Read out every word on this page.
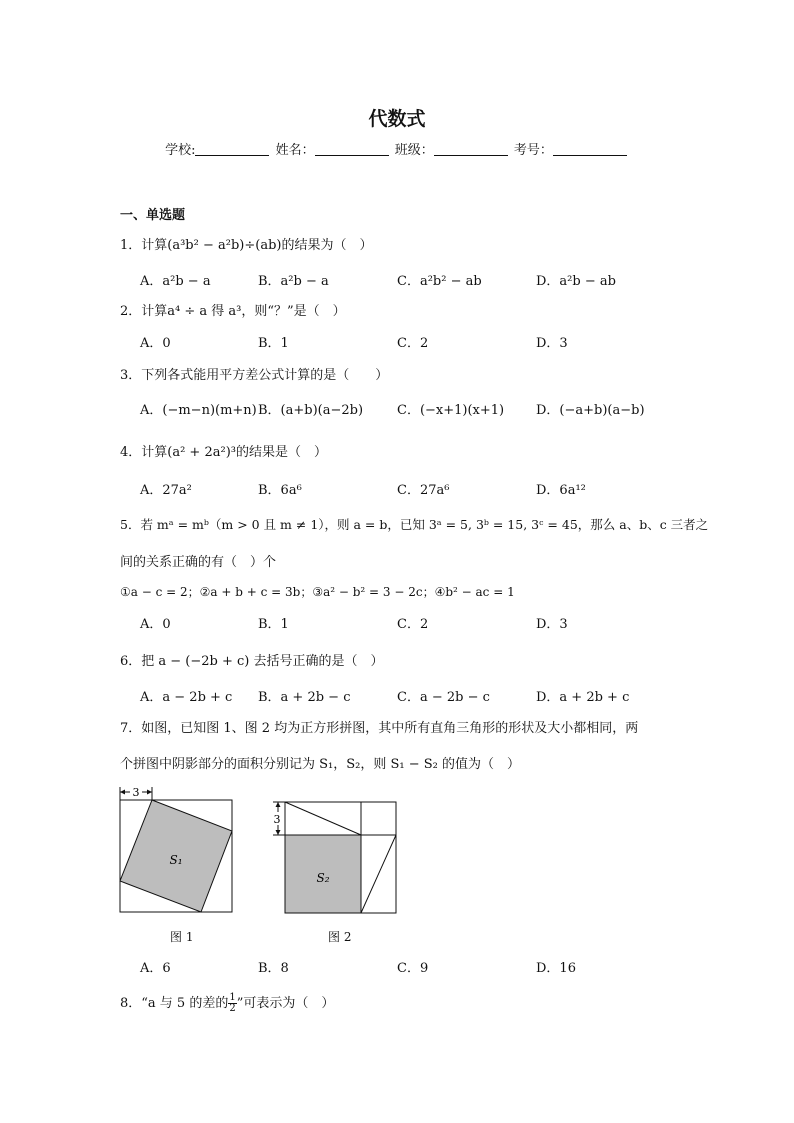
代数式
学校:	姓名：	班级：	考号：
一、单选题
1．计算(a³b² − a²b)÷(ab)的结果为（　）
A．a²b − a	B．a²b − a	C．a²b² − ab	D．a²b − ab
2．计算a⁴ ÷ a 得 a³，则“？”是（　）
A．0	B．1	C．2	D．3
3．下列各式能用平方差公式计算的是（　　）
A．(−m−n)(m+n) B．(a+b)(a−2b)	C．(−x+1)(x+1) D．(−a+b)(a−b)
4．计算(a² + 2a²)³的结果是（　）
A．27a²	B．6a⁶	C．27a⁶	D．6a¹²
5．若 mᵃ = mᵇ（m > 0 且 m ≠ 1），则 a = b，已知 3ᵃ = 5, 3ᵇ = 15, 3ᶜ = 45，那么 a、b、c 三者之
间的关系正确的有（　）个
①a − c = 2；②a + b + c = 3b；③a² − b² = 3 − 2c；④b² − ac = 1
A．0	B．1	C．2	D．3
6．把 a − (−2b + c) 去括号正确的是（　）
A．a − 2b + c B．a + 2b − c	C．a − 2b − c	D．a + 2b + c
7．如图，已知图 1、图 2 均为正方形拼图，其中所有直角三角形的形状及大小都相同，两
个拼图中阴影部分的面积分别记为 S₁，S₂，则 S₁ − S₂ 的值为（　）
3
S₁
图 1
3
S₂
图 2
A．6	B．8	C．9	D．16
8．“a 与 5 的差的 $\frac{1}{2}$ ”可表示为（　）
